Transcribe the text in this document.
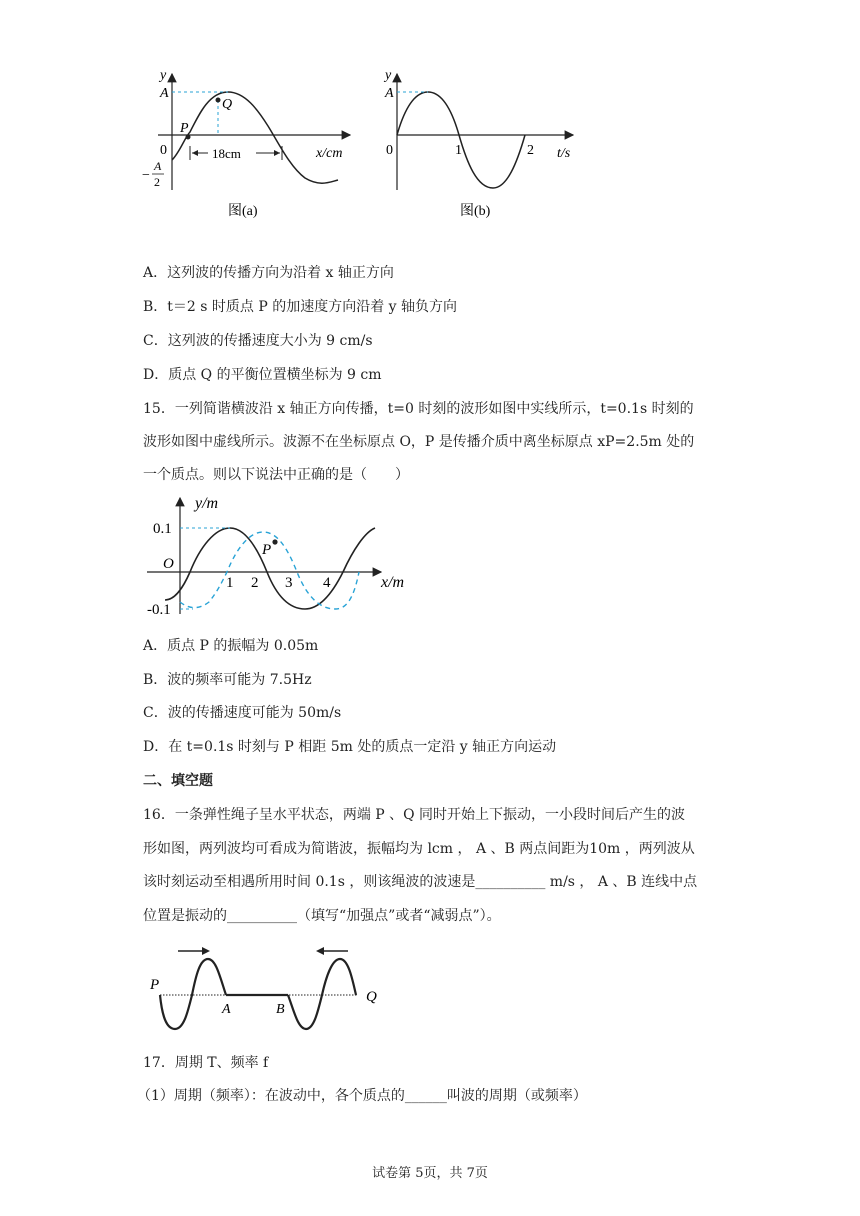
y
A
Q
P
0	18cm	x/cm
−
A
2
图(a)
y
A
0	1	2 t/s
图(b)
A．这列波的传播方向为沿着 x 轴正方向
B．t＝2 s 时质点 P 的加速度方向沿着 y 轴负方向
C．这列波的传播速度大小为 9 cm/s
D．质点 Q 的平衡位置横坐标为 9 cm
15．一列简谐横波沿 x 轴正方向传播，t=0 时刻的波形如图中实线所示，t=0.1s 时刻的
波形如图中虚线所示。波源不在坐标原点 O，P 是传播介质中离坐标原点 xP=2.5m 处的
一个质点。则以下说法中正确的是（　　）
y/m
0.1
O
-0.1
P
1 2 3 4	x/m
A．质点 P 的振幅为 0.05m
B．波的频率可能为 7.5Hz
C．波的传播速度可能为 50m/s
D．在 t=0.1s 时刻与 P 相距 5m 处的质点一定沿 y 轴正方向运动
二、填空题
16．一条弹性绳子呈水平状态，两端 P 、Q 同时开始上下振动，一小段时间后产生的波
形如图，两列波均可看成为简谐波，振幅均为 lcm ， A 、B 两点间距为10m ，两列波从
该时刻运动至相遇所用时间 0.1s ，则该绳波的波速是__________ m/s ， A 、B 连线中点
位置是振动的__________（填写“加强点”或者“减弱点”）。
P
A	B
Q
17．周期 T、频率 f
（1）周期（频率）：在波动中，各个质点的______叫波的周期（或频率）
试卷第 5页，共 7页
